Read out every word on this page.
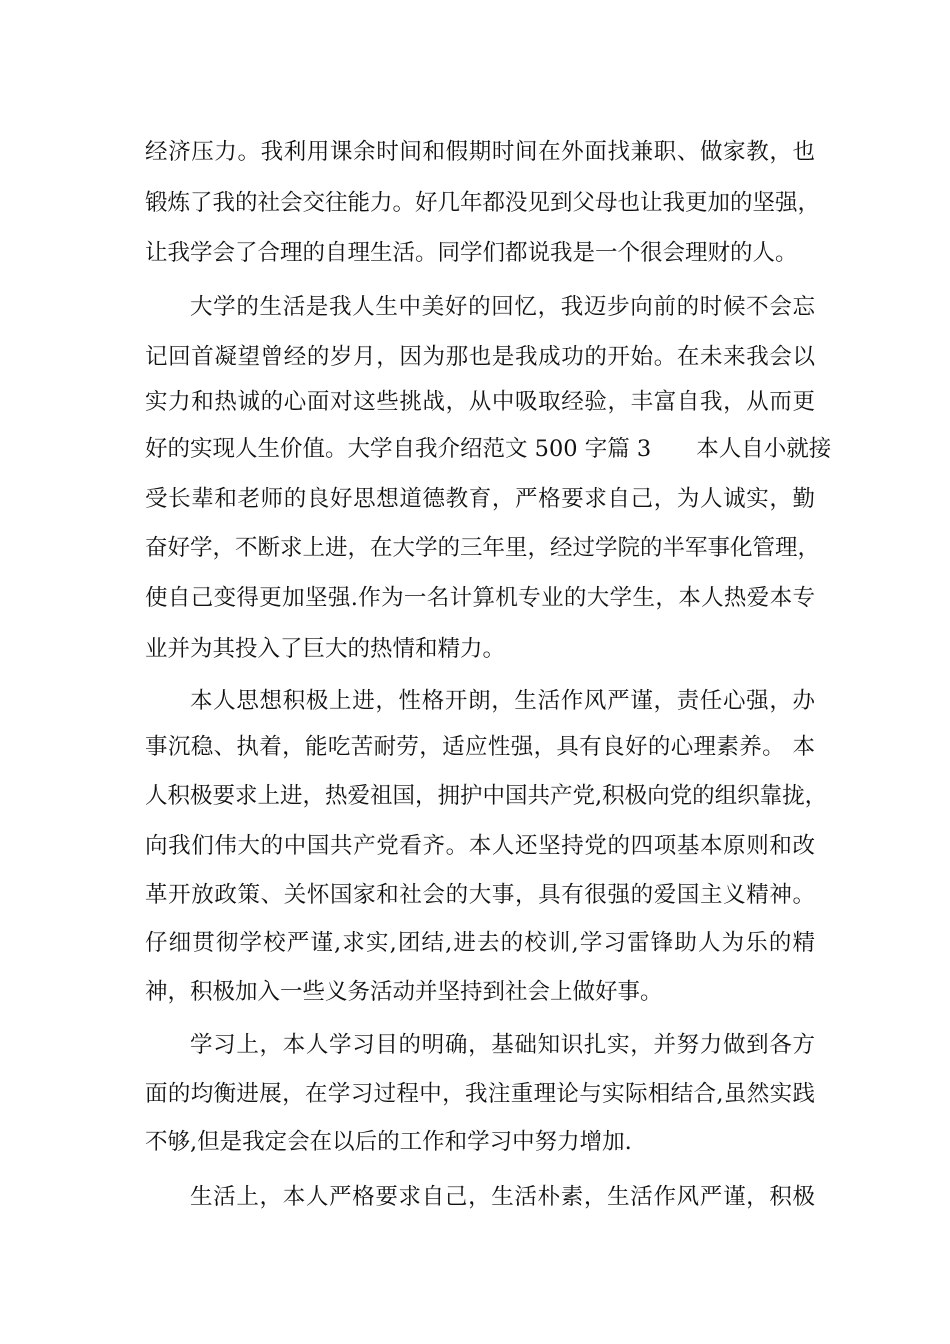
经济压力。我利用课余时间和假期时间在外面找兼职、做家教，也
锻炼了我的社会交往能力。好几年都没见到父母也让我更加的坚强，
让我学会了合理的自理生活。同学们都说我是一个很会理财的人。
大学的生活是我人生中美好的回忆，我迈步向前的时候不会忘
记回首凝望曾经的岁月，因为那也是我成功的开始。在未来我会以
实力和热诚的心面对这些挑战，从中吸取经验，丰富自我，从而更
好的实现人生价值。大学自我介绍范文 500 字篇 3　　本人自小就接
受长辈和老师的良好思想道德教育，严格要求自己，为人诚实，勤
奋好学，不断求上进，在大学的三年里，经过学院的半军事化管理，
使自己变得更加坚强.作为一名计算机专业的大学生，本人热爱本专
业并为其投入了巨大的热情和精力。
本人思想积极上进，性格开朗，生活作风严谨，责任心强，办
事沉稳、执着，能吃苦耐劳，适应性强，具有良好的心理素养。 本
人积极要求上进，热爱祖国，拥护中国共产党,积极向党的组织靠拢，
向我们伟大的中国共产党看齐。本人还坚持党的四项基本原则和改
革开放政策、关怀国家和社会的大事，具有很强的爱国主义精神。
仔细贯彻学校严谨,求实,团结,进去的校训,学习雷锋助人为乐的精
神，积极加入一些义务活动并坚持到社会上做好事。
学习上，本人学习目的明确，基础知识扎实，并努力做到各方
面的均衡进展，在学习过程中，我注重理论与实际相结合,虽然实践
不够,但是我定会在以后的工作和学习中努力增加.
生活上，本人严格要求自己，生活朴素，生活作风严谨，积极
